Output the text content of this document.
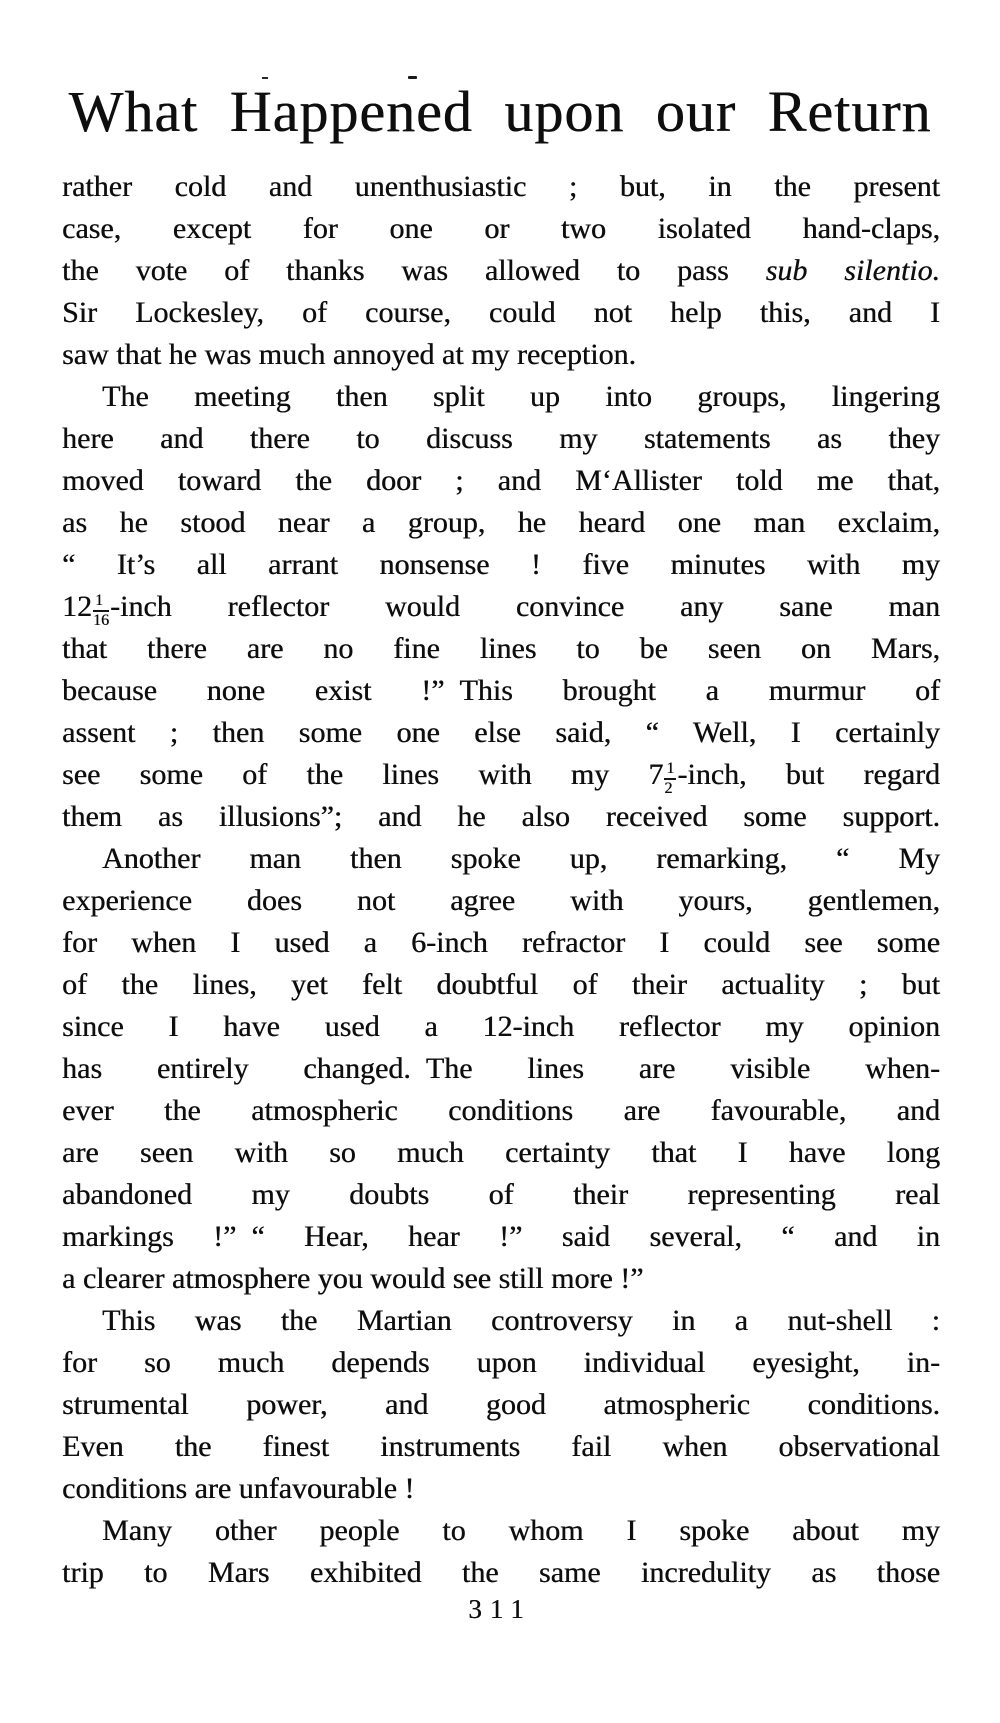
What Happened upon our Return
rather cold and unenthusiastic ; but, in the present
case, except for one or two isolated hand-claps,
the vote of thanks was allowed to pass sub silentio.
Sir Lockesley, of course, could not help this, and I
saw that he was much annoyed at my reception.
The meeting then split up into groups, lingering
here and there to discuss my statements as they
moved toward the door ; and M‘Allister told me that,
as he stood near a group, he heard one man exclaim,
“ It’s all arrant nonsense ! five minutes with my
$12 \frac{1}{16}$ -inch reflector would convince any sane man
that there are no fine lines to be seen on Mars,
because none exist !” This brought a murmur of
assent ; then some one else said, “ Well, I certainly
see some of the lines with my $7 \frac{1}{2}$ -inch, but regard
them as illusions”; and he also received some support.
Another man then spoke up, remarking, “ My
experience does not agree with yours, gentlemen,
for when I used a 6-inch refractor I could see some
of the lines, yet felt doubtful of their actuality ; but
since I have used a 12-inch reflector my opinion
has entirely changed. The lines are visible when-
ever the atmospheric conditions are favourable, and
are seen with so much certainty that I have long
abandoned my doubts of their representing real
markings !” “ Hear, hear !” said several, “ and in
a clearer atmosphere you would see still more !”
This was the Martian controversy in a nut-shell :
for so much depends upon individual eyesight, in-
strumental power, and good atmospheric conditions.
Even the finest instruments fail when observational
conditions are unfavourable !
Many other people to whom I spoke about my
trip to Mars exhibited the same incredulity as those
311
